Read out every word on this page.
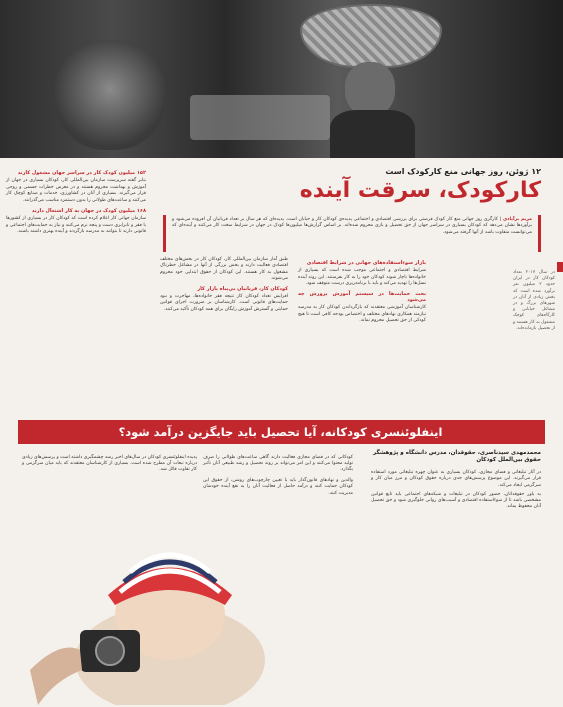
۱۵۲ میلیون کودک کار در سراسر جهان مشغول کارند

بنابر گفته سرپرست سازمان بین‌المللی کار، کودکان بسیاری در جهان از آموزش و بهداشت محروم هستند و در معرض خطرات جسمی و روحی قرار می‌گیرند. بسیاری از آنان در کشاورزی، خدمات و صنایع کوچک کار می‌کنند و ساعت‌های طولانی را بدون دستمزد مناسب می‌گذرانند.

۱۶۸ میلیون کودک در جهان به کار اشتغال دارند

سازمان جهانی کار اعلام کرده است که کودکان کار در بسیاری از کشورها با فقر و نابرابری دست و پنجه نرم می‌کنند و نیاز به حمایت‌های اجتماعی و قانونی دارند تا بتوانند به مدرسه بازگردند و آینده بهتری داشته باشند.

۱۲ ژوئن، روز جهانی منع کارکودک است
کارکودک، سرقت آینده
مریم برآبادی | کارگری روز جهانی منع کار کودک فرصتی برای بررسی اقتصادی و اجتماعی پدیده‌ی کودکان کار و خیابان است. پدیده‌ای که هر سال بر تعداد قربانیان آن افزوده می‌شود و برآورد‌ها نشان می‌دهد که کودکان بسیاری در سراسر جهان از حق تحصیل و بازی محروم شده‌اند. بر اساس گزارش‌ها میلیون‌ها کودک در جهان در شرایط سخت کار می‌کنند و آینده‌ای که می‌توانست متفاوت باشد از آنها گرفته می‌شود.
در سال ۲۰۱۷ تعداد کودکان کار در ایران حدود ۲ میلیون نفر برآورد شده است که بخش زیادی از آنان در شهرهای بزرگ و در مشاغل خیابانی و کارگاه‌های کوچک مشغول به کار هستند و از تحصیل بازمانده‌اند.

طبق آمار سازمان بین‌المللی کار، کودکان کار در بخش‌های مختلف اقتصادی فعالیت دارند و بخش بزرگی از آنها در مشاغل خطرناک مشغول به کار هستند. این کودکان از حقوق ابتدایی خود محروم می‌شوند.

کودکان کار، قربانیان بی‌پناه بازار کار

افزایش تعداد کودکان کار نتیجه فقر خانواده‌ها، مهاجرت و نبود حمایت‌های قانونی است. کارشناسان بر ضرورت اجرای قوانین حمایتی و گسترش آموزش رایگان برای همه کودکان تأکید می‌کنند.

بازار سوءاستفاده‌های جهانی در شرایط اقتصادی

شرایط اقتصادی و اجتماعی موجب شده است که بسیاری از خانواده‌ها ناچار شوند کودکان خود را به کار بفرستند. این روند آینده نسل‌ها را تهدید می‌کند و باید با برنامه‌ریزی درست متوقف شود.

بحث حمایت‌ها در سیستم آموزش پرورش چه می‌شود

کارشناسان آموزشی معتقدند که بازگرداندن کودکان کار به مدرسه نیازمند همکاری نهادهای مختلف و اختصاص بودجه کافی است تا هیچ کودکی از حق تحصیل محروم نماند.

اینفلوئنسری کودکانه، آیا تحصیل باید جایگزین درآمد شود؟
محمدمهدی سیدناصری، حقوقدان، مدرس دانشگاه و پژوهشگر حقوق بین‌الملل کودکان

در آثار تبلیغاتی و فضای مجازی، کودکان بسیاری به عنوان چهره تبلیغاتی مورد استفاده قرار می‌گیرند. این موضوع پرسش‌های جدی درباره حقوق کودکان و مرز میان کار و سرگرمی ایجاد می‌کند.

به باور حقوقدانان، حضور کودکان در تبلیغات و شبکه‌های اجتماعی باید تابع قوانین مشخصی باشد تا از سوءاستفاده اقتصادی و آسیب‌های روانی جلوگیری شود و حق تحصیل آنان محفوظ بماند.

کودکانی که در فضای مجازی فعالیت دارند گاهی ساعت‌های طولانی را صرف تولید محتوا می‌کنند و این امر می‌تواند بر روند تحصیل و رشد طبیعی آنان تأثیر بگذارد.

والدین و نهادهای قانون‌گذار باید با تعیین چارچوب‌های روشن، از حقوق این کودکان حمایت کنند و درآمد حاصل از فعالیت آنان را به نفع آینده خودشان مدیریت کنند.

پدیده اینفلوئنسری کودکان در سال‌های اخیر رشد چشمگیری داشته است و پرسش‌های زیادی درباره تبعات آن مطرح شده است. بسیاری از کارشناسان معتقدند که باید میان سرگرمی و کار تفاوت قائل شد.
